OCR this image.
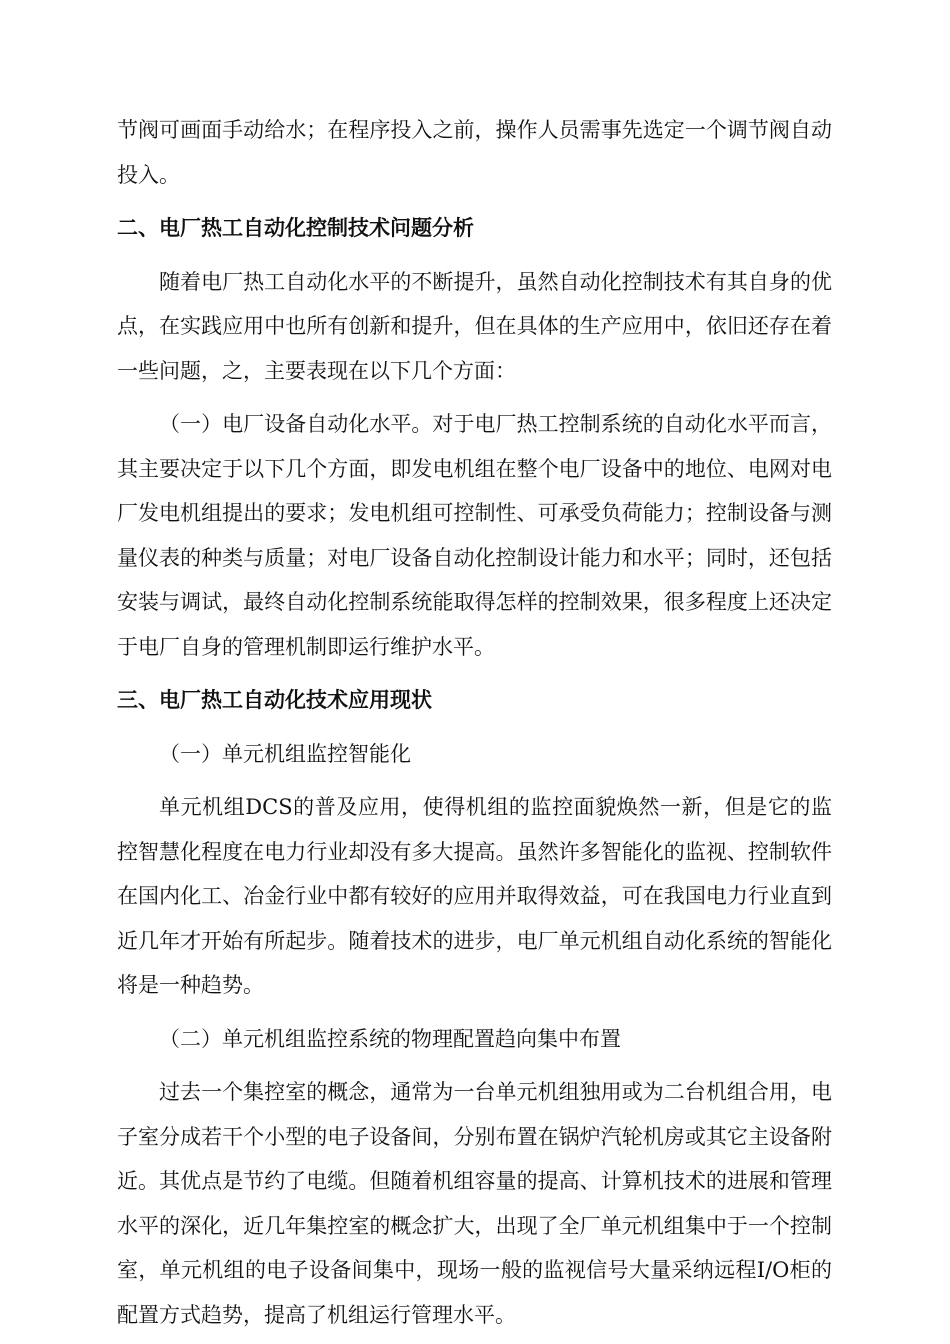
节阀可画面手动给水；在程序投入之前，操作人员需事先选定一个调节阀自动投入。

二、电厂热工自动化控制技术问题分析

随着电厂热工自动化水平的不断提升，虽然自动化控制技术有其自身的优点，在实践应用中也所有创新和提升，但在具体的生产应用中，依旧还存在着一些问题，之，主要表现在以下几个方面：

（一）电厂设备自动化水平。对于电厂热工控制系统的自动化水平而言，其主要决定于以下几个方面，即发电机组在整个电厂设备中的地位、电网对电厂发电机组提出的要求；发电机组可控制性、可承受负荷能力；控制设备与测量仪表的种类与质量；对电厂设备自动化控制设计能力和水平；同时，还包括安装与调试，最终自动化控制系统能取得怎样的控制效果，很多程度上还决定于电厂自身的管理机制即运行维护水平。

三、电厂热工自动化技术应用现状

（一）单元机组监控智能化

单元机组DCS的普及应用，使得机组的监控面貌焕然一新，但是它的监控智慧化程度在电力行业却没有多大提高。虽然许多智能化的监视、控制软件在国内化工、冶金行业中都有较好的应用并取得效益，可在我国电力行业直到近几年才开始有所起步。随着技术的进步，电厂单元机组自动化系统的智能化将是一种趋势。

（二）单元机组监控系统的物理配置趋向集中布置

过去一个集控室的概念，通常为一台单元机组独用或为二台机组合用，电子室分成若干个小型的电子设备间，分别布置在锅炉汽轮机房或其它主设备附近。其优点是节约了电缆。但随着机组容量的提高、计算机技术的进展和管理水平的深化，近几年集控室的概念扩大，出现了全厂单元机组集中于一个控制室，单元机组的电子设备间集中，现场一般的监视信号大量采纳远程I/O柜的配置方式趋势，提高了机组运行管理水平。
